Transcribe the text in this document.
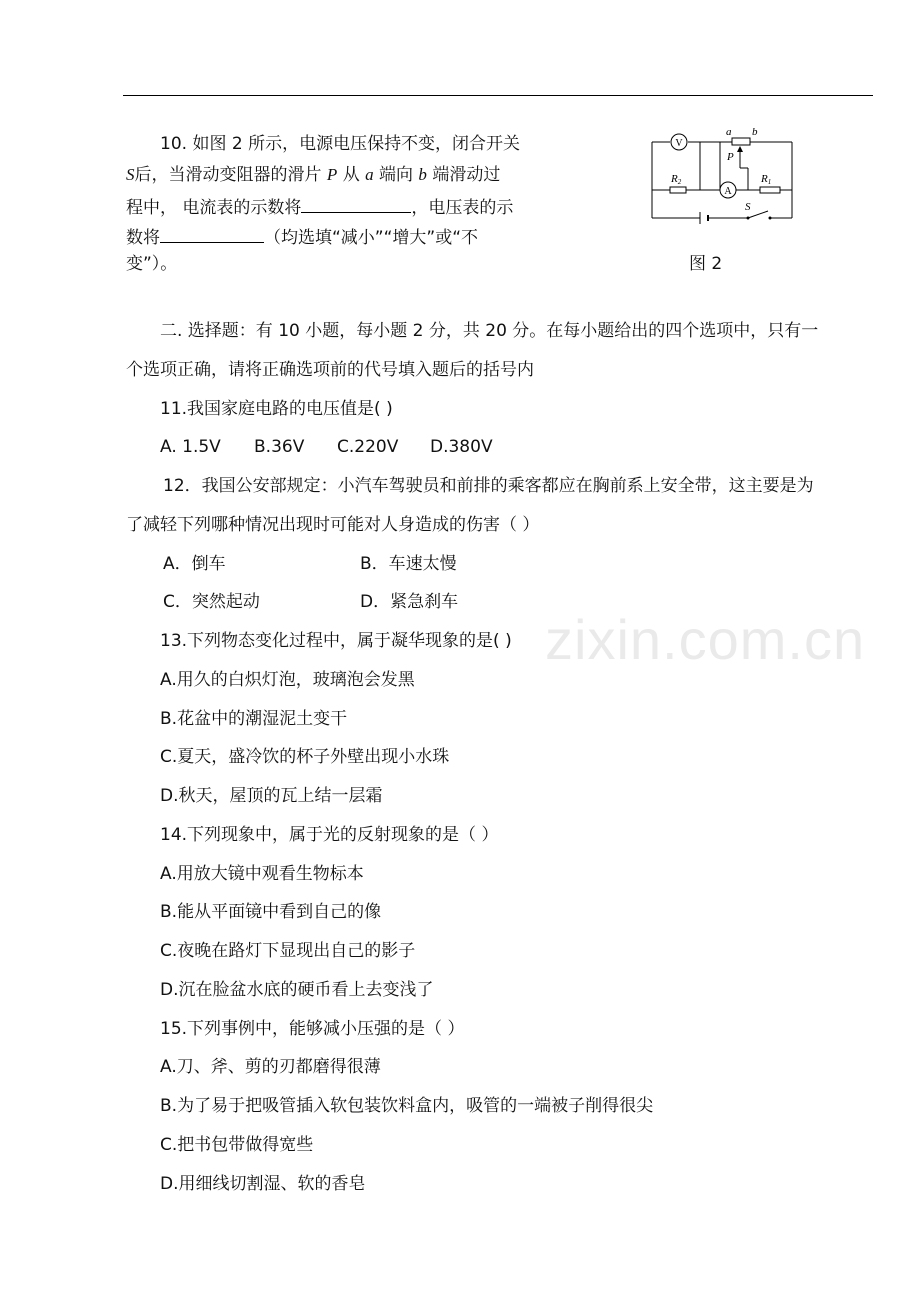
10. 如图 2 所示，电源电压保持不变，闭合开关
S后，当滑动变阻器的滑片 P 从 a 端向 b 端滑动过
程中， 电流表的示数将	，电压表的示
数将	（均选填“减小”“增大”或“不
变”）。
V
a b
P
R2
A
R1
S
图 2
二. 选择题：有 10 小题，每小题 2 分，共 20 分。在每小题给出的四个选项中，只有一
个选项正确，请将正确选项前的代号填入题后的括号内
11.我国家庭电路的电压值是( )
A. 1.5V B.36V C.220V D.380V
12．我国公安部规定：小汽车驾驶员和前排的乘客都应在胸前系上安全带，这主要是为
了减轻下列哪种情况出现时可能对人身造成的伤害（ ）
A．倒车	B．车速太慢
C．突然起动	D．紧急刹车
zixin.com.cn
13.下列物态变化过程中，属于凝华现象的是( )
A.用久的白炽灯泡，玻璃泡会发黑
B.花盆中的潮湿泥土变干
C.夏天，盛冷饮的杯子外壁出现小水珠
D.秋天，屋顶的瓦上结一层霜
14.下列现象中，属于光的反射现象的是（ ）
A.用放大镜中观看生物标本
B.能从平面镜中看到自己的像
C.夜晚在路灯下显现出自己的影子
D.沉在脸盆水底的硬币看上去变浅了
15.下列事例中，能够减小压强的是（ ）
A.刀、斧、剪的刃都磨得很薄
B.为了易于把吸管插入软包装饮料盒内，吸管的一端被子削得很尖
C.把书包带做得宽些
D.用细线切割湿、软的香皂
